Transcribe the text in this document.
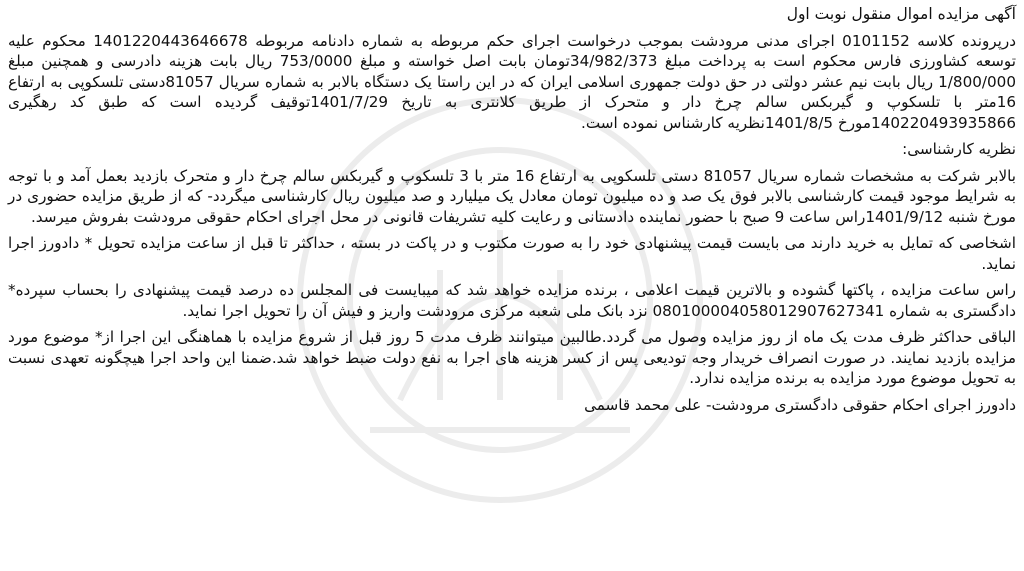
آگهی مزایده اموال منقول نوبت اول
درپرونده کلاسه 0101152 اجرای مدنی مرودشت بموجب درخواست اجرای حکم مربوطه به شماره دادنامه مربوطه 1401220443646678 محکوم علیه توسعه کشاورزی فارس محکوم است به پرداخت مبلغ 34/982/373تومان بابت اصل خواسته و مبلغ 753/0000 ریال بابت هزینه دادرسی و همچنین مبلغ 1/800/000 ریال بابت نیم عشر دولتی در حق دولت جمهوری اسلامی ایران که در این راستا یک دستگاه بالابر به شماره سریال 81057دستی تلسکوپی به ارتفاع 16متر با تلسکوپ و گیربکس سالم چرخ دار و متحرک از طریق کلانتری به تاریخ 1401/7/29توقیف گردیده است که طبق کد رهگیری 140220493935866مورخ 1401/8/5نظریه کارشناس نموده است.
نظریه کارشناسی:
بالابر شرکت به مشخصات شماره سریال 81057 دستی تلسکوپی به ارتفاع 16 متر با 3 تلسکوپ و گیربکس سالم چرخ دار و متحرک بازدید بعمل آمد و با توجه به شرایط موجود قیمت کارشناسی بالابر فوق یک صد و ده میلیون تومان معادل یک میلیارد و صد میلیون ریال کارشناسی میگردد- که از طریق مزایده حضوری در مورخ شنبه 1401/9/12راس ساعت 9 صبح با حضور نماینده دادستانی و رعایت کلیه تشریفات قانونی در محل اجرای احکام حقوقی مرودشت بفروش میرسد.
اشخاصی که تمایل به خرید دارند می بایست قیمت پیشنهادی خود را به صورت مکتوب و در پاکت در بسته ، حداکثر تا قبل از ساعت مزایده تحویل * دادورز اجرا نماید.
راس ساعت مزایده ، پاکتها گشوده و بالاترین قیمت اعلامی ، برنده مزایده خواهد شد که میبایست فی المجلس ده درصد قیمت پیشنهادی را بحساب سپرده* دادگستری به شماره 0801000040580129076273‌41 نزد بانک ملی شعبه مرکزی مرودشت واریز و فیش آن را تحویل اجرا نماید.
الباقی حداکثر ظرف مدت یک ماه از روز مزایده وصول می گردد.طالبین میتوانند ظرف مدت 5 روز قبل از شروع مزایده با هماهنگی این اجرا از* موضوع مورد مزایده بازدید نمایند. در صورت انصراف خریدار وجه تودیعی پس از کسر هزینه های اجرا به نفع دولت ضبط خواهد شد.ضمنا این واحد اجرا هیچگونه تعهدی نسبت به تحویل موضوع مورد مزایده به برنده مزایده ندارد.
دادورز اجرای احکام حقوقی دادگستری مرودشت- علی محمد قاسمی
